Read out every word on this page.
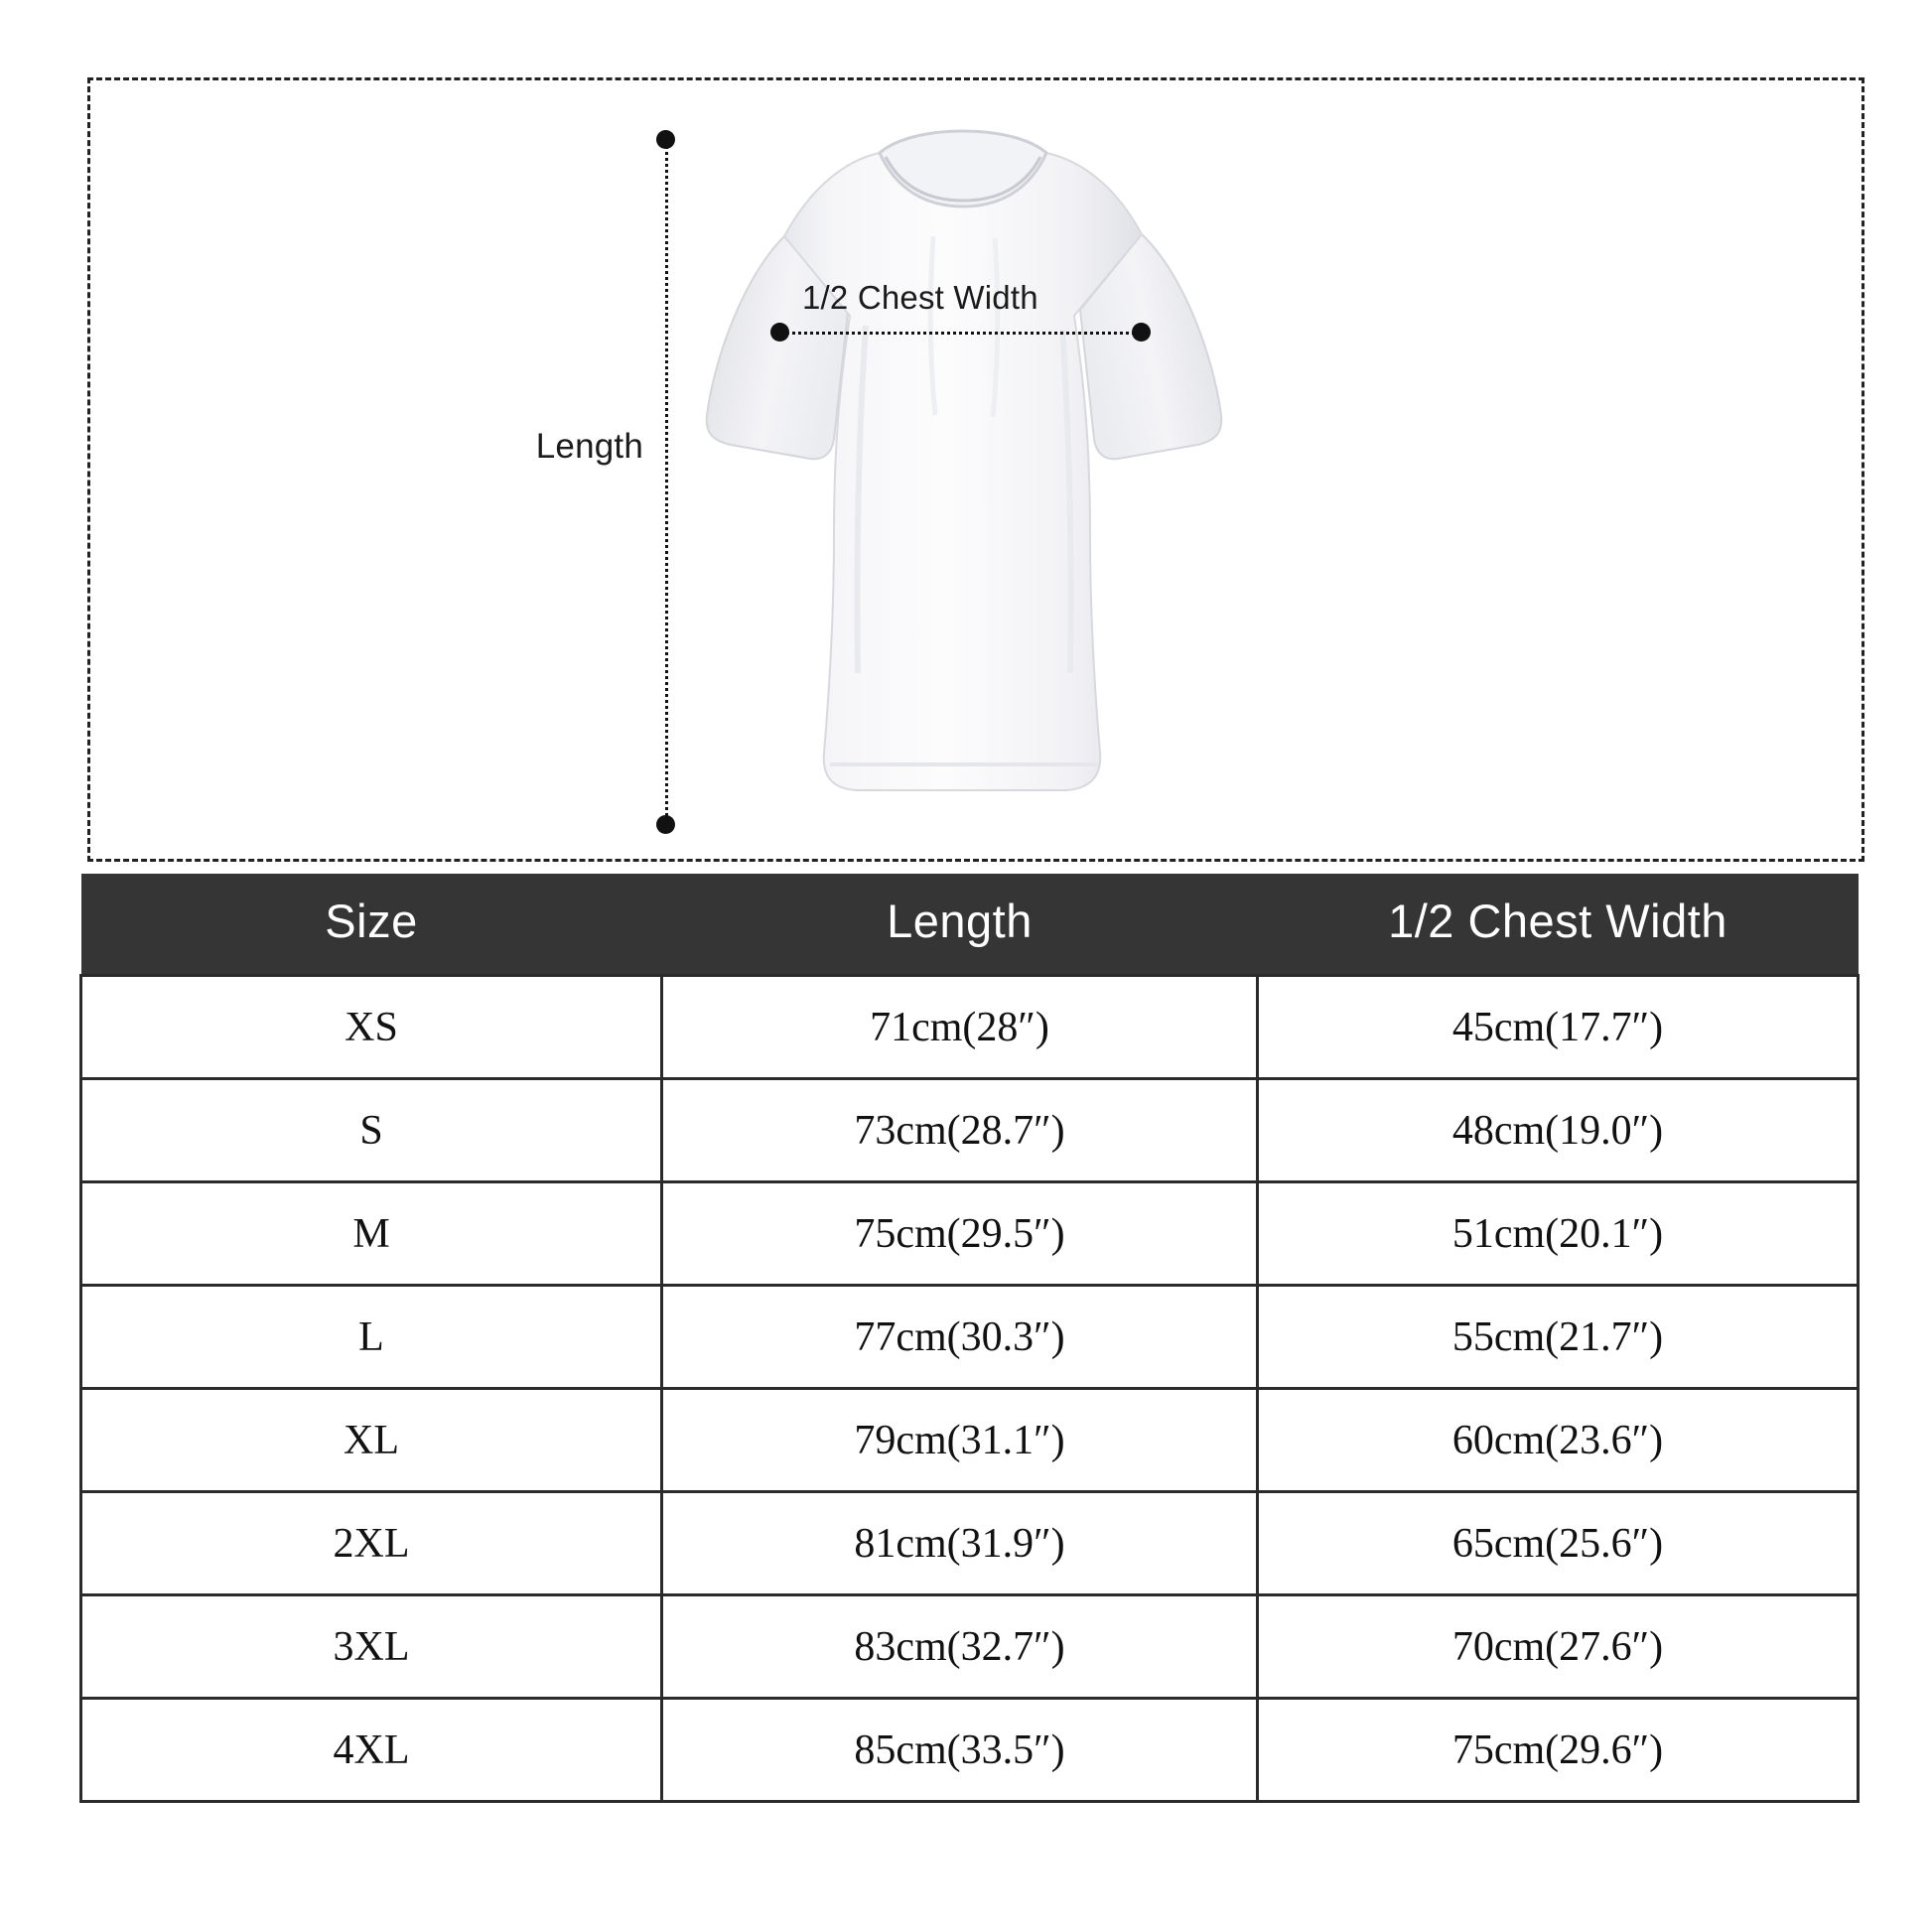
Length
1/2 Chest Width
Size	Length	1/2 Chest Width
XS	71cm(28″)	45cm(17.7″)
S	73cm(28.7″)	48cm(19.0″)
M	75cm(29.5″)	51cm(20.1″)
L	77cm(30.3″)	55cm(21.7″)
XL	79cm(31.1″)	60cm(23.6″)
2XL	81cm(31.9″)	65cm(25.6″)
3XL	83cm(32.7″)	70cm(27.6″)
4XL	85cm(33.5″)	75cm(29.6″)
